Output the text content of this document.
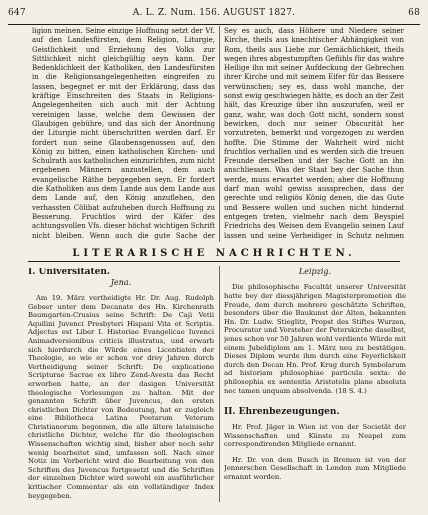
647	A. L. Z. Num. 156. AUGUST 1827.	68

ligion meinen. Seine einzige Hoffnung setzt der Vf. auf den Landesfürsten, dem Religion, Liturgie, Geistlichkeit und Erziehung des Volks zur Sittlichkeit nicht gleichgültig seyn kann. Der Bedenklichkeit der Katholiken, den Landesfürsten in die Religionsangelegenheiten eingreifen zu lassen, begegnet er mit der Erklärung, dass das kräftige Einschreiten des Staats in Religions-Angelegenheiten sich auch mit der Achtung vereinigen lasse, welche dem Gewissen der Glaubigen gebühre, und das sich der Anordnung der Liturgie nicht überschritten werden darf. Er fordert nun seine Glaubensgenossen auf, den König zu bitten, einen katholischen Kirchen- und Schulrath aus katholischen einzurichten, zum nicht ergebenen Männern anzustellen, dem auch evangelische Räthe beygegeben seyn. Er fordert die Katholiken aus dem Lande aus dem Lande aus dem Lande auf, den König anzuflehen, den verhassten Cölibat aufzuheben durch Hoffnung zu Besserung. Fruchtlos wird der Käfer des achtungsvollen Vfs. dieser höchst wichtigen Schrift nicht bleiben. Wenn auch die gute Sache der

Sey es auch, dass Höhere und Niedere seiner Kirche, theils aus knechtischer Abhängigkeit von Rom, theils aus Liebe zur Gemächlichkeit, theils wegen ihres abgestumpften Gefühls für das wahre Heilige ihn mit seiner Aufdeckung der Gebrechen ihrer Kirche und mit seinem Eifer für das Bessere verwünschen; sey es, dass wohl manche, der sonst ewig geschwiegen hätte, es doch an der Zeit hält, das Kreuzige über ihn auszurufen, weil er ganz, wahr, was doch Gott nicht, sondern sonst bewirken, doch nur seiner Obscurität her vorzutreten, bemerkt und vorgezogen zu werden hoffte. Die Stimme der Wahrheit wird nicht fruchtlos verhallen und es werden sich die treuen Freunde derselben und der Sache Gott an ihn anschliessen. Was der Staat bey der Sache thun werde, muss erwartet werden; aber die Hoffnung darf man wohl gewiss aussprechen, dass der gerechte und religiös König denen, die das Gute und Bessere wollen und suchen nicht hindernd entgegen treten, vielmehr nach dem Beyspiel Friedrichs des Weisen dem Evangelio seinen Lauf lassen und seine Verheidiger in Schutz nehmen

LITERARISCHE NACHRICHTEN.
I. Universitäten.
Jena.

Am 19. März vertheidigte Hr. Dr. Aug. Rudolph Gebser unter dem Decanate des Hn. Kirchenrath Baumgarten-Crusius seine Schrift: De Caji Vetii Aquilini Juvenci Presbyteri Hispani Vita et Scriptis. Adjectus est Liber I. Historiae Evangelicae Iuvenci Animadversionibus criticis illustratus, und erwarb sich hierdurch die Würde eines Licentiaten der Theologie, so wie er schon vor drey Jahren durch Vertheidigung seiner Schrift: De explicatione Scripturae Sacrae ex libro Zend-Avesta das Recht erworben hatte, an der dasigen Universität theologische Vorlesungen zu halten. Mit der genannten Schrift über Juvencus, den ersten christlichen Dichter von Bedeutung, hat er zugleich eine Bibliotheca Latina Poetarum Veterum Christianorum begonnen, die alle ältere lateinische christliche Dichter, welche für die theologischen Wissenschaften wichtig sind, bisher aber noch sehr wenig bearbeitet sind, umfassen soll. Nach einer Notiz im Vorbericht wird die Bearbeitung von den Schriften des Juvencus fortgesetzt und die Schriften der einzelnen Dichter wird sowohl ein ausführlicher kritischer Commentar als ein vollständiger Index beygegeben.

Leipzig.

Die philosophische Facultät unserer Universität hatte bey der diessjährigen Magisterpromotion die Freude, dem durch mehrere geschätzte Schriften, besonders über die Baukunst der Alten, bekannten Hn. Dr. Ludw. Stieglitz, Propst des Stiftes Wurzen, Procurator und Vorsteher der Peterskirche daselbst, jenes schon vor 50 Jahren wohl verdiente Würde mit einem Jubeldiplom am 1. März neu zu bestätigen. Dieses Diplom wurde ihm durch eine Feyerlichkeit durch den Decan Hn. Prof. Krug durch Symbolarum ad historiam philosophiae particula sexta: de philosophia ex sententia Aristotelis plane absoluta nec tamen unquam absolvenda. (18 S. 4.)

II. Ehrenbezeugungen.

Hr. Prof. Jäger in Wien ist von der Societät der Wissenschaften und Künste zu Neapel zum correspondirenden Mitgliede ernannt.

Hr. Dr. von dem Busch in Bremen ist von der Jennerschen Gesellschaft in London zum Mitgliede ernannt worden.
